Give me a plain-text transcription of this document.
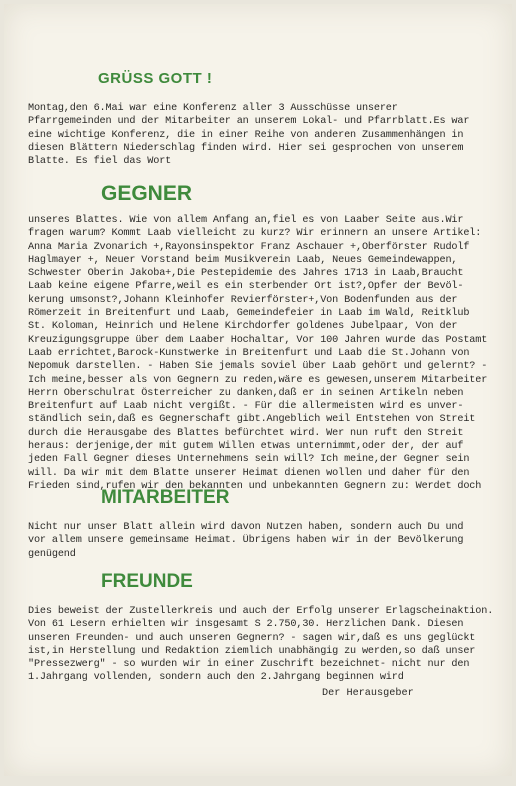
GRÜSS GOTT !
Montag,den 6.Mai war eine Konferenz aller 3 Ausschüsse unserer
Pfarrgemeinden und der Mitarbeiter an unserem Lokal- und Pfarrblatt.Es war
eine wichtige Konferenz, die in einer Reihe von anderen Zusammenhängen in
diesen Blättern Niederschlag finden wird. Hier sei gesprochen von unserem
Blatte. Es fiel das Wort
GEGNER
unseres Blattes. Wie von allem Anfang an,fiel es von Laaber Seite aus.Wir
fragen warum? Kommt Laab vielleicht zu kurz? Wir erinnern an unsere Artikel:
Anna Maria Zvonarich +,Rayonsinspektor Franz Aschauer +,Oberförster Rudolf
Haglmayer +, Neuer Vorstand beim Musikverein Laab, Neues Gemeindewappen,
Schwester Oberin Jakoba+,Die Pestepidemie des Jahres 1713 in Laab,Braucht
Laab keine eigene Pfarre,weil es ein sterbender Ort ist?,Opfer der Bevöl-
kerung umsonst?,Johann Kleinhofer Revierförster+,Von Bodenfunden aus der
Römerzeit in Breitenfurt und Laab, Gemeindefeier in Laab im Wald, Reitklub
St. Koloman, Heinrich und Helene Kirchdorfer goldenes Jubelpaar, Von der
Kreuzigungsgruppe über dem Laaber Hochaltar, Vor 100 Jahren wurde das Postamt
Laab errichtet,Barock-Kunstwerke in Breitenfurt und Laab die St.Johann von
Nepomuk darstellen. - Haben Sie jemals soviel über Laab gehört und gelernt? -
Ich meine,besser als von Gegnern zu reden,wäre es gewesen,unserem Mitarbeiter
Herrn Oberschulrat Österreicher zu danken,daß er in seinen Artikeln neben
Breitenfurt auf Laab nicht vergißt. - Für die allermeisten wird es unver-
ständlich sein,daß es Gegnerschaft gibt.Angeblich weil Entstehen von Streit
durch die Herausgabe des Blattes befürchtet wird. Wer nun ruft den Streit
heraus: derjenige,der mit gutem Willen etwas unternimmt,oder der, der auf
jeden Fall Gegner dieses Unternehmens sein will? Ich meine,der Gegner sein
will. Da wir mit dem Blatte unserer Heimat dienen wollen und daher für den
Frieden sind,rufen wir den bekannten und unbekannten Gegnern zu: Werdet doch
MITARBEITER
Nicht nur unser Blatt allein wird davon Nutzen haben, sondern auch Du und
vor allem unsere gemeinsame Heimat. Übrigens haben wir in der Bevölkerung
genügend
FREUNDE
Dies beweist der Zustellerkreis und auch der Erfolg unserer Erlagscheinaktion.
Von 61 Lesern erhielten wir insgesamt S 2.750,30. Herzlichen Dank. Diesen
unseren Freunden- und auch unseren Gegnern? - sagen wir,daß es uns geglückt
ist,in Herstellung und Redaktion ziemlich unabhängig zu werden,so daß unser
"Pressezwerg" - so wurden wir in einer Zuschrift bezeichnet- nicht nur den
1.Jahrgang vollenden, sondern auch den 2.Jahrgang beginnen wird
Der Herausgeber
